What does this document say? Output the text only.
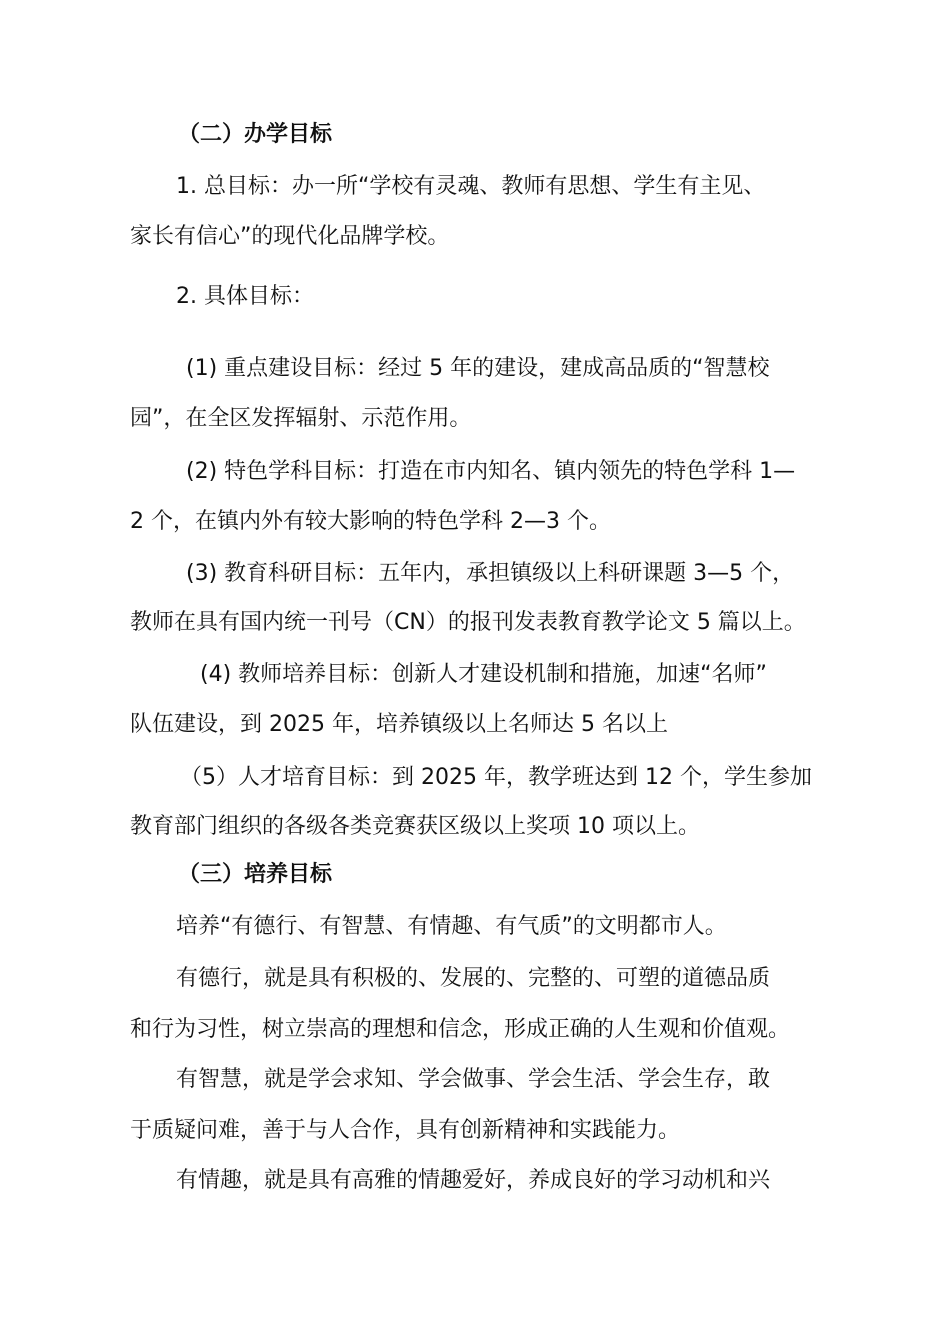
（二）办学目标
1. 总目标：办一所“学校有灵魂、教师有思想、学生有主见、
家长有信心”的现代化品牌学校。
2. 具体目标：
(1) 重点建设目标：经过 5 年的建设，建成高品质的“智慧校
园”，在全区发挥辐射、示范作用。
(2) 特色学科目标：打造在市内知名、镇内领先的特色学科 1—
2 个，在镇内外有较大影响的特色学科 2—3 个。
(3) 教育科研目标：五年内，承担镇级以上科研课题 3—5 个，
教师在具有国内统一刊号（CN）的报刊发表教育教学论文 5 篇以上。
(4) 教师培养目标：创新人才建设机制和措施，加速“名师”
队伍建设，到 2025 年，培养镇级以上名师达 5 名以上
（5）人才培育目标：到 2025 年，教学班达到 12 个，学生参加
教育部门组织的各级各类竞赛获区级以上奖项 10 项以上。
（三）培养目标
培养“有德行、有智慧、有情趣、有气质”的文明都市人。
有德行，就是具有积极的、发展的、完整的、可塑的道德品质
和行为习性，树立崇高的理想和信念，形成正确的人生观和价值观。
有智慧，就是学会求知、学会做事、学会生活、学会生存，敢
于质疑问难，善于与人合作，具有创新精神和实践能力。
有情趣，就是具有高雅的情趣爱好，养成良好的学习动机和兴
